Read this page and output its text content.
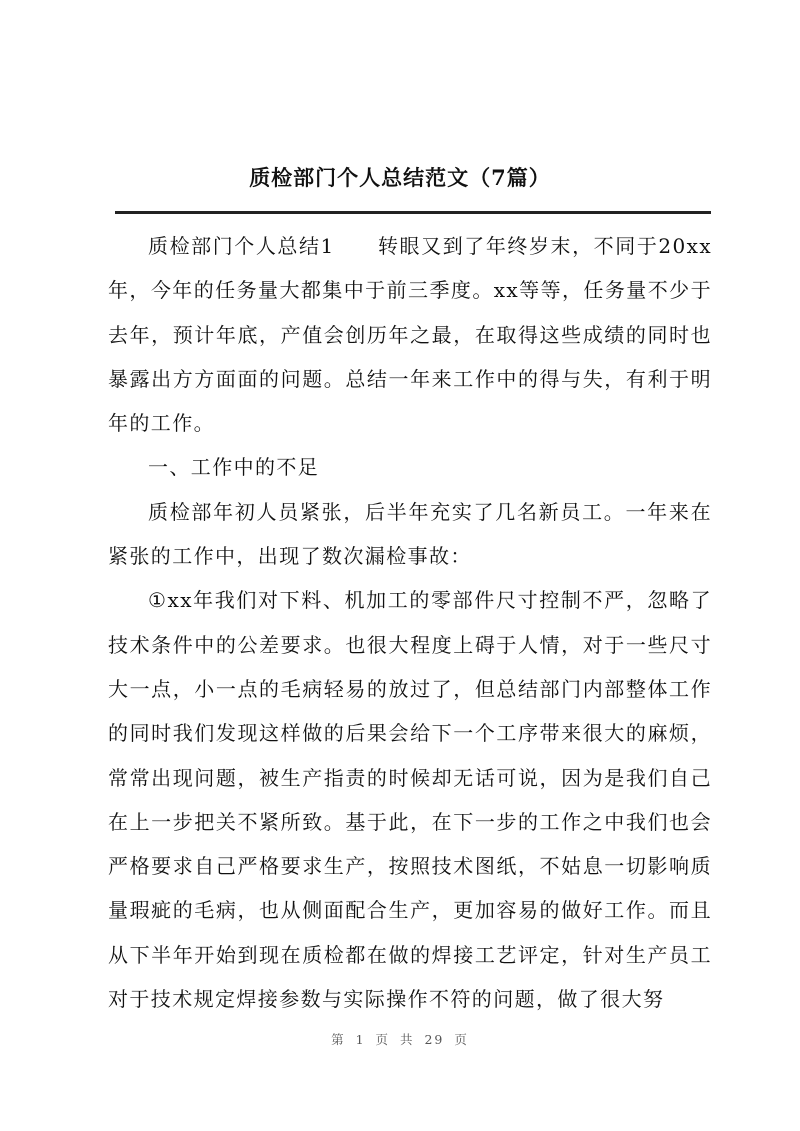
质检部门个人总结范文（7篇）

质检部门个人总结1　　转眼又到了年终岁末，不同于20xx年，今年的任务量大都集中于前三季度。xx等等，任务量不少于去年，预计年底，产值会创历年之最，在取得这些成绩的同时也暴露出方方面面的问题。总结一年来工作中的得与失，有利于明年的工作。

一、工作中的不足

质检部年初人员紧张，后半年充实了几名新员工。一年来在紧张的工作中，出现了数次漏检事故：

①xx年我们对下料、机加工的零部件尺寸控制不严，忽略了技术条件中的公差要求。也很大程度上碍于人情，对于一些尺寸大一点，小一点的毛病轻易的放过了，但总结部门内部整体工作的同时我们发现这样做的后果会给下一个工序带来很大的麻烦，常常出现问题，被生产指责的时候却无话可说，因为是我们自己在上一步把关不紧所致。基于此，在下一步的工作之中我们也会严格要求自己严格要求生产，按照技术图纸，不姑息一切影响质量瑕疵的毛病，也从侧面配合生产，更加容易的做好工作。而且从下半年开始到现在质检都在做的焊接工艺评定，针对生产员工对于技术规定焊接参数与实际操作不符的问题，做了很大努

第 1 页 共 29 页
